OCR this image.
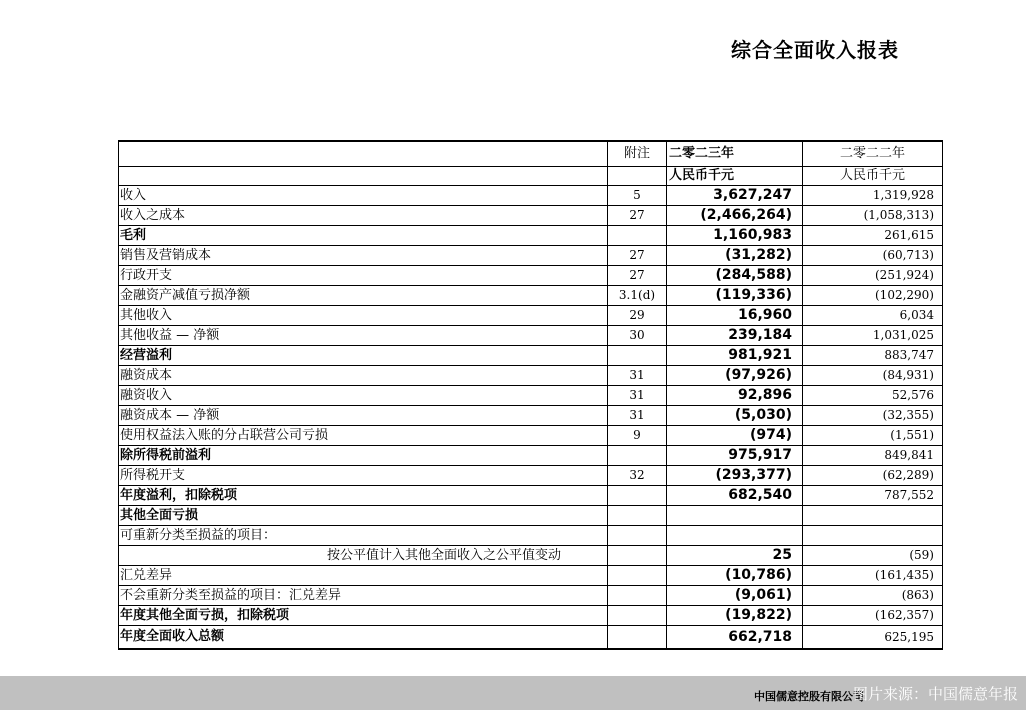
综合全面收入报表
	附注	二零二三年	二零二二年
		人民币千元	人民币千元
收入	5	3,627,247	1,319,928
收入之成本	27	(2,466,264)	(1,058,313)
毛利		1,160,983	261,615
销售及营销成本	27	(31,282)	(60,713)
行政开支	27	(284,588)	(251,924)
金融资产减值亏损净额	3.1(d)	(119,336)	(102,290)
其他收入	29	16,960	6,034
其他收益 — 净额	30	239,184	1,031,025
经营溢利		981,921	883,747
融资成本	31	(97,926)	(84,931)
融资收入	31	92,896	52,576
融资成本 — 净额	31	(5,030)	(32,355)
使用权益法入账的分占联营公司亏损	9	(974)	(1,551)
除所得税前溢利		975,917	849,841
所得税开支	32	(293,377)	(62,289)
年度溢利，扣除税项		682,540	787,552
其他全面亏损			
可重新分类至损益的项目：			
按公平值计入其他全面收入之公平值变动		25	(59)
汇兑差异		(10,786)	(161,435)
不会重新分类至损益的项目：汇兑差异		(9,061)	(863)
年度其他全面亏损，扣除税项		(19,822)	(162,357)
年度全面收入总额		662,718	625,195
中国儒意控股有限公司
图片来源：中国儒意年报
